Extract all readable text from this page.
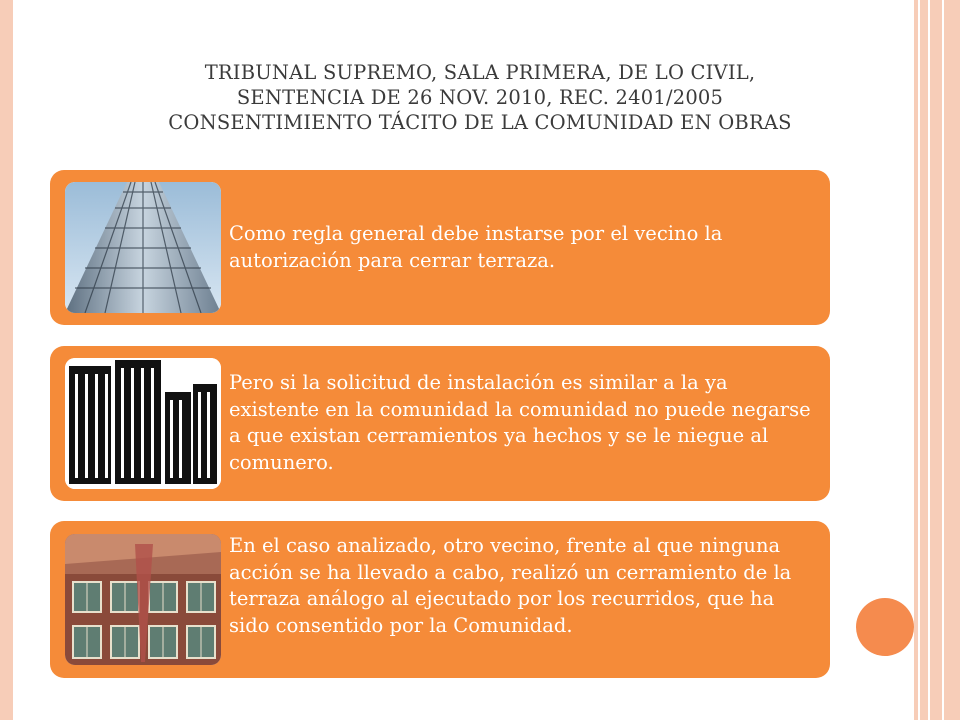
TRIBUNAL SUPREMO, SALA PRIMERA, DE LO CIVIL,
SENTENCIA DE 26 NOV. 2010, REC. 2401/2005
CONSENTIMIENTO TÁCITO DE LA COMUNIDAD EN OBRAS
Como regla general debe instarse por el vecino la autorización para cerrar terraza.
Pero si la solicitud de instalación es similar a la ya existente en la comunidad la comunidad no puede negarse a que existan cerramientos ya hechos y se le niegue al comunero.
En el caso analizado, otro vecino, frente al que ninguna acción se ha llevado a cabo, realizó un cerramiento de la terraza análogo al ejecutado por los recurridos, que ha sido consentido por la Comunidad.
